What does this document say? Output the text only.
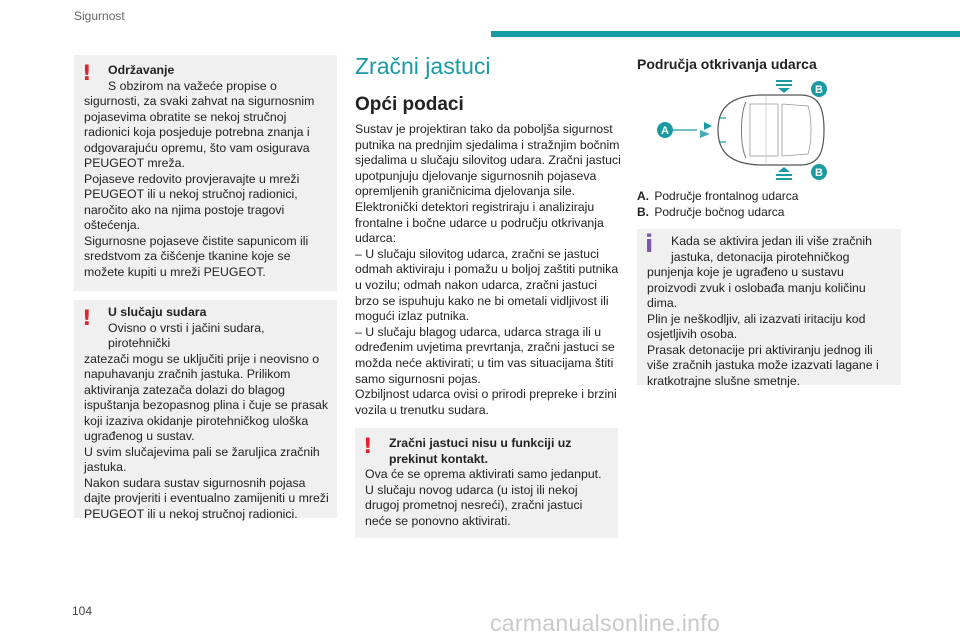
Sigurnost
!	Održavanje
S obzirom na važeće propise o
sigurnosti, za svaki zahvat na sigurnosnim pojasevima obratite se nekoj stručnoj radionici koja posjeduje potrebna znanja i odgovarajuću opremu, što vam osigurava PEUGEOT mreža.
Pojaseve redovito provjeravajte u mreži PEUGEOT ili u nekoj stručnoj radionici, naročito ako na njima postoje tragovi oštećenja.
Sigurnosne pojaseve čistite sapunicom ili sredstvom za čišćenje tkanine koje se možete kupiti u mreži PEUGEOT.
!	U slučaju sudara
Ovisno o vrsti i jačini sudara, pirotehnički
zatezači mogu se uključiti prije i neovisno o napuhavanju zračnih jastuka. Prilikom aktiviranja zatezača dolazi do blagog ispuštanja bezopasnog plina i čuje se prasak koji izaziva okidanje pirotehničkog uloška ugrađenog u sustav.
U svim slučajevima pali se žaruljica zračnih jastuka.
Nakon sudara sustav sigurnosnih pojasa dajte provjeriti i eventualno zamijeniti u mreži PEUGEOT ili u nekoj stručnoj radionici.
Zračni jastuci
Opći podaci
Sustav je projektiran tako da poboljša sigurnost putnika na prednjim sjedalima i stražnjim bočnim sjedalima u slučaju silovitog udara. Zračni jastuci upotpunjuju djelovanje sigurnosnih pojaseva opremljenih graničnicima djelovanja sile.
Elektronički detektori registriraju i analiziraju frontalne i bočne udarce u području otkrivanja udarca:
– U slučaju silovitog udarca, zračni se jastuci odmah aktiviraju i pomažu u boljoj zaštiti putnika u vozilu; odmah nakon udarca, zračni jastuci brzo se ispuhuju kako ne bi ometali vidljivost ili mogući izlaz putnika.
– U slučaju blagog udarca, udarca straga ili u određenim uvjetima prevrtanja, zračni jastuci se možda neće aktivirati; u tim vas situacijama štiti samo sigurnosni pojas.
Ozbiljnost udarca ovisi o prirodi prepreke i brzini vozila u trenutku sudara.
!	Zračni jastuci nisu u funkciji uz prekinut kontakt.
Ova će se oprema aktivirati samo jedanput. U slučaju novog udarca (u istoj ili nekoj drugoj prometnoj nesreći), zračni jastuci neće se ponovno aktivirati.
Područja otkrivanja udarca
B
B
A
A. Područje frontalnog udarca
B. Područje bočnog udarca
i	Kada se aktivira jedan ili više zračnih
jastuka, detonacija pirotehničkog
punjenja koje je ugrađeno u sustavu proizvodi zvuk i oslobađa manju količinu dima.
Plin je neškodljiv, ali izazvati iritaciju kod osjetljivih osoba.
Prasak detonacije pri aktiviranju jednog ili više zračnih jastuka može izazvati lagane i kratkotrajne slušne smetnje.
104	carmanualsonline.info
